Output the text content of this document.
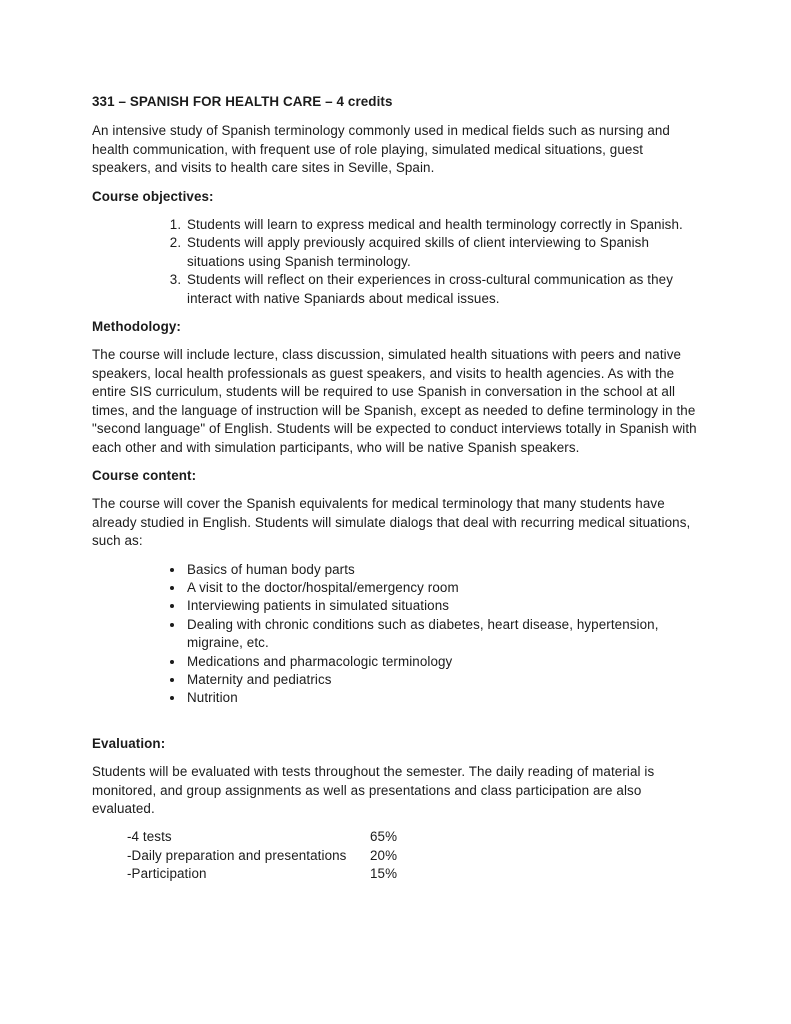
331 – SPANISH FOR HEALTH CARE – 4 credits

An intensive study of Spanish terminology commonly used in medical fields such as nursing and health communication, with frequent use of role playing, simulated medical situations, guest speakers, and visits to health care sites in Seville, Spain.

Course objectives:
1. Students will learn to express medical and health terminology correctly in Spanish.
2. Students will apply previously acquired skills of client interviewing to Spanish situations using Spanish terminology.
3. Students will reflect on their experiences in cross-cultural communication as they interact with native Spaniards about medical issues.
Methodology:

The course will include lecture, class discussion, simulated health situations with peers and native speakers, local health professionals as guest speakers, and visits to health agencies. As with the entire SIS curriculum, students will be required to use Spanish in conversation in the school at all times, and the language of instruction will be Spanish, except as needed to define terminology in the "second language" of English. Students will be expected to conduct interviews totally in Spanish with each other and with simulation participants, who will be native Spanish speakers.

Course content:

The course will cover the Spanish equivalents for medical terminology that many students have already studied in English. Students will simulate dialogs that deal with recurring medical situations, such as:

• Basics of human body parts
• A visit to the doctor/hospital/emergency room
• Interviewing patients in simulated situations
• Dealing with chronic conditions such as diabetes, heart disease, hypertension, migraine, etc.
• Medications and pharmacologic terminology
• Maternity and pediatrics
• Nutrition
Evaluation:

Students will be evaluated with tests throughout the semester. The daily reading of material is monitored, and group assignments as well as presentations and class participation are also evaluated.

-4 tests	65%
-Daily preparation and presentations	20%
-Participation	15%
